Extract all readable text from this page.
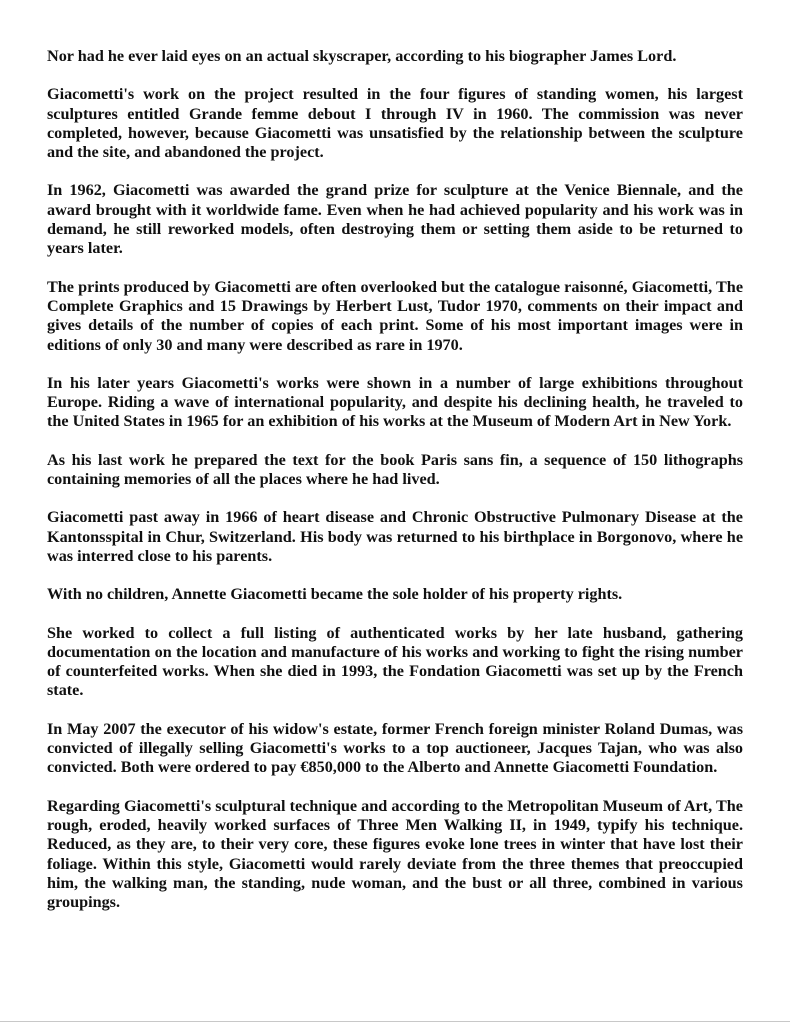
Nor had he ever laid eyes on an actual skyscraper, according to his biographer James Lord.

Giacometti's work on the project resulted in the four figures of standing women, his largest sculptures entitled Grande femme debout I through IV in 1960. The commission was never completed, however, because Giacometti was unsatisfied by the relationship between the sculpture and the site, and abandoned the project.

In 1962, Giacometti was awarded the grand prize for sculpture at the Venice Biennale, and the award brought with it worldwide fame. Even when he had achieved popularity and his work was in demand, he still reworked models, often destroying them or setting them aside to be returned to years later.

The prints produced by Giacometti are often overlooked but the catalogue raisonné, Giacometti, The Complete Graphics and 15 Drawings by Herbert Lust, Tudor 1970, comments on their impact and gives details of the number of copies of each print. Some of his most important images were in editions of only 30 and many were described as rare in 1970.

In his later years Giacometti's works were shown in a number of large exhibitions throughout Europe. Riding a wave of international popularity, and despite his declining health, he traveled to the United States in 1965 for an exhibition of his works at the Museum of Modern Art in New York.

As his last work he prepared the text for the book Paris sans fin, a sequence of 150 lithographs containing memories of all the places where he had lived.

Giacometti past away in 1966 of heart disease and Chronic Obstructive Pulmonary Disease at the Kantonsspital in Chur, Switzerland. His body was returned to his birthplace in Borgonovo, where he was interred close to his parents.

With no children, Annette Giacometti became the sole holder of his property rights.

She worked to collect a full listing of authenticated works by her late husband, gathering documentation on the location and manufacture of his works and working to fight the rising number of counterfeited works. When she died in 1993, the Fondation Giacometti was set up by the French state.

In May 2007 the executor of his widow's estate, former French foreign minister Roland Dumas, was convicted of illegally selling Giacometti's works to a top auctioneer, Jacques Tajan, who was also convicted. Both were ordered to pay €850,000 to the Alberto and Annette Giacometti Foundation.

Regarding Giacometti's sculptural technique and according to the Metropolitan Museum of Art, The rough, eroded, heavily worked surfaces of Three Men Walking II, in 1949, typify his technique. Reduced, as they are, to their very core, these figures evoke lone trees in winter that have lost their foliage. Within this style, Giacometti would rarely deviate from the three themes that preoccupied him, the walking man, the standing, nude woman, and the bust or all three, combined in various groupings.
